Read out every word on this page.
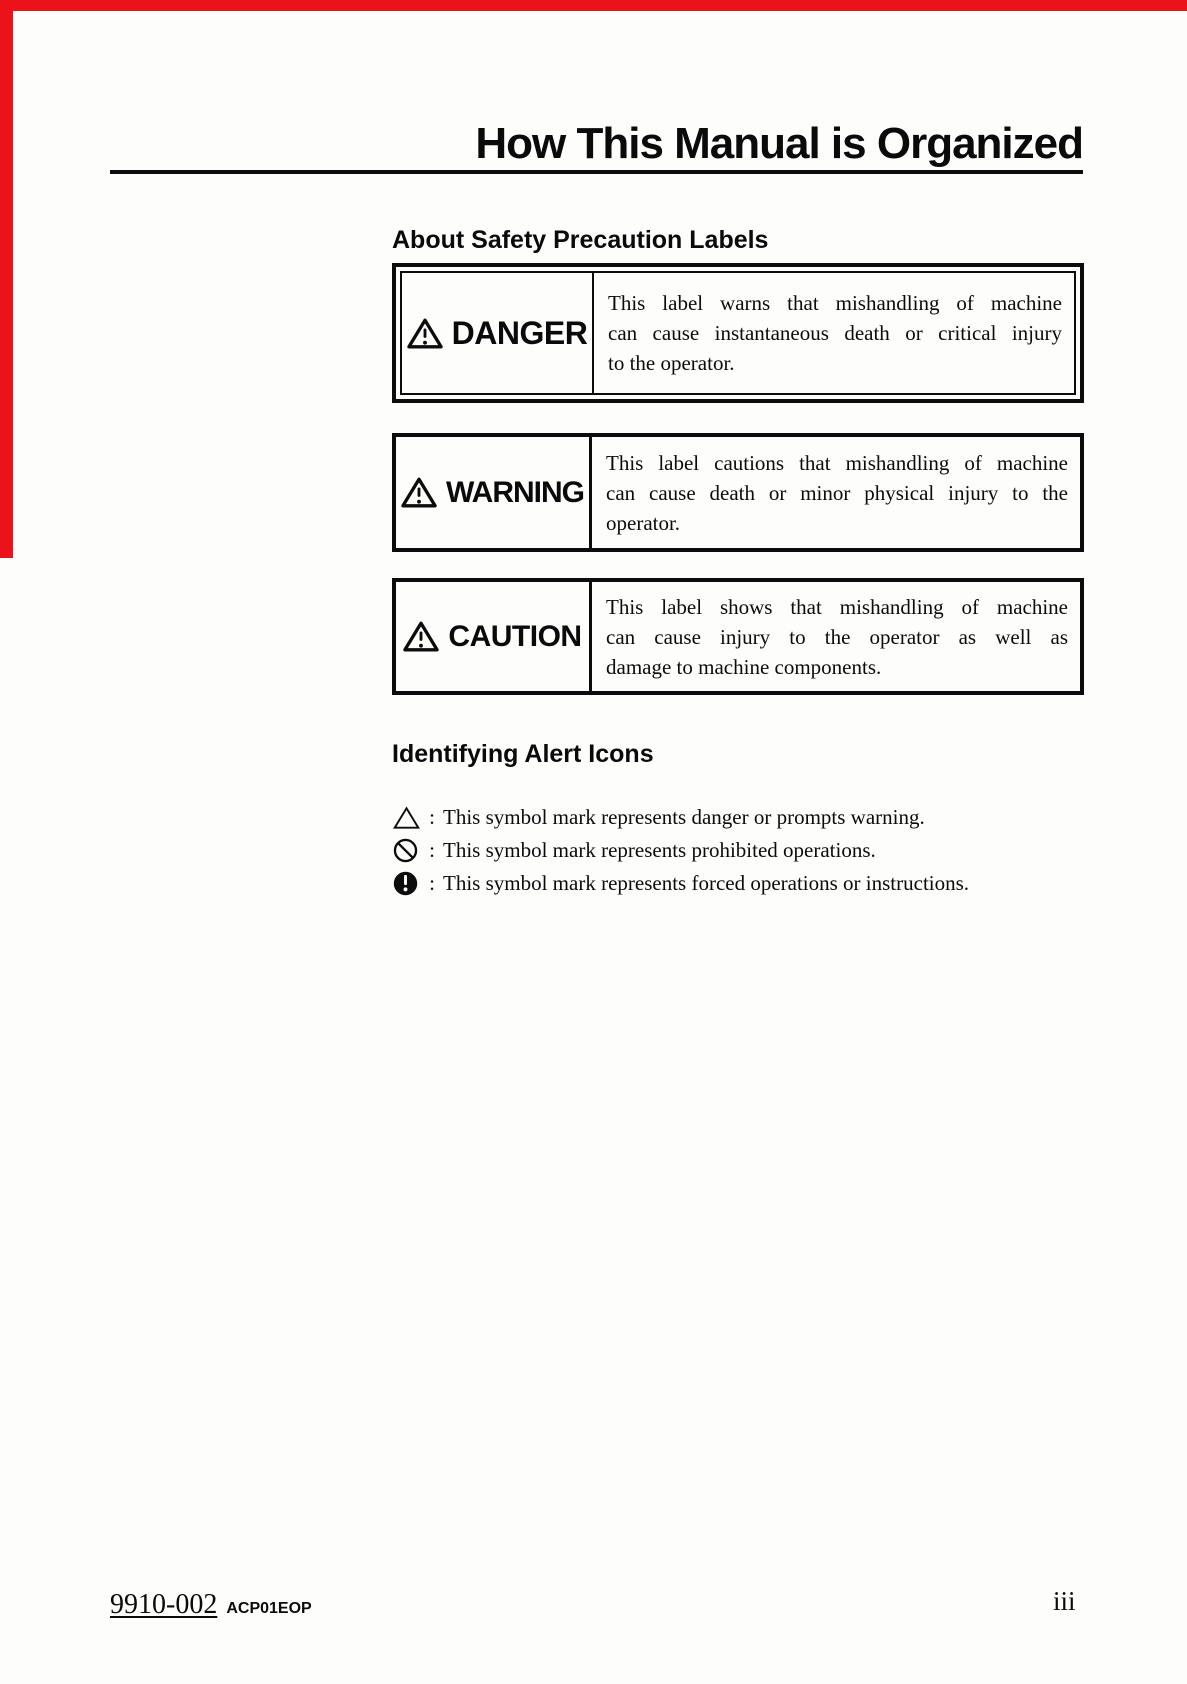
How This Manual is Organized
About Safety Precaution Labels
DANGER
This label warns that mishandling of machine
can cause instantaneous death or critical injury
to the operator.
WARNING
This label cautions that mishandling of machine
can cause death or minor physical injury to the
operator.
CAUTION
This label shows that mishandling of machine
can cause injury to the operator as well as
damage to machine components.
Identifying Alert Icons
: This symbol mark represents danger or prompts warning.
: This symbol mark represents prohibited operations.
: This symbol mark represents forced operations or instructions.
9910-002 ACP01EOP	iii
